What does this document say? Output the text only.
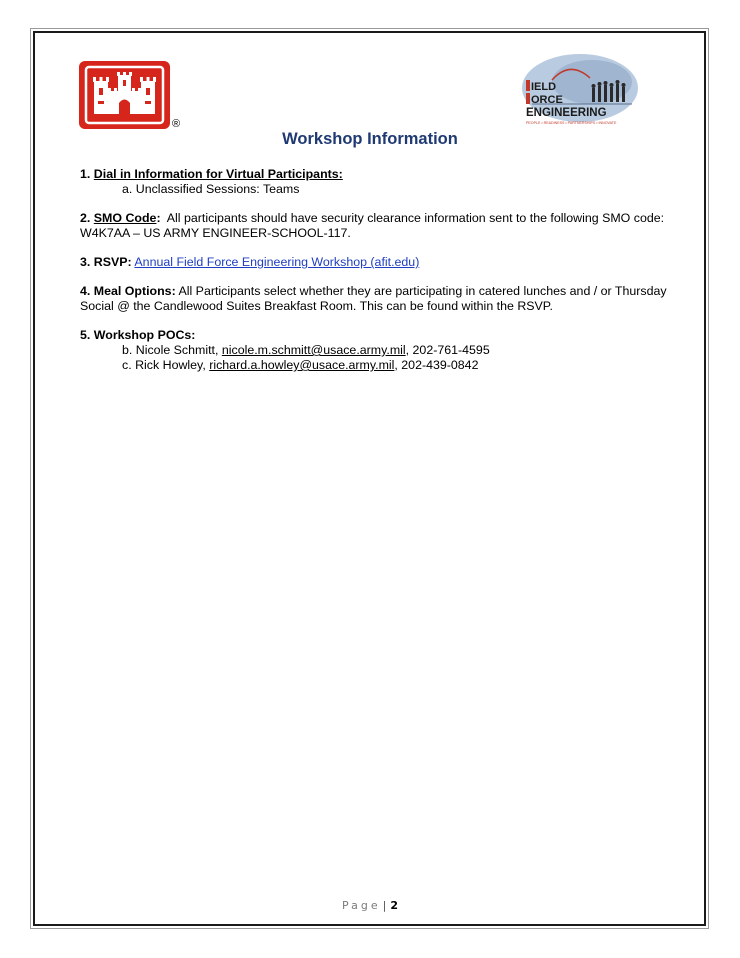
®
IELD
ORCE
ENGINEERING
PEOPLE • READINESS • PARTNERSHIPS • INNOVATE
Workshop Information

1. Dial in Information for Virtual Participants:

a. Unclassified Sessions: Teams

2. SMO Code:  All participants should have security clearance information sent to the following SMO code:  W4K7AA – US ARMY ENGINEER-SCHOOL-117.

3. RSVP: Annual Field Force Engineering Workshop (afit.edu)

4. Meal Options: All Participants select whether they are participating in catered lunches and / or Thursday Social @ the Candlewood Suites Breakfast Room. This can be found within the RSVP.

5. Workshop POCs:

b. Nicole Schmitt, nicole.m.schmitt@usace.army.mil, 202-761-4595

c. Rick Howley, richard.a.howley@usace.army.mil, 202-439-0842

Page | 2
